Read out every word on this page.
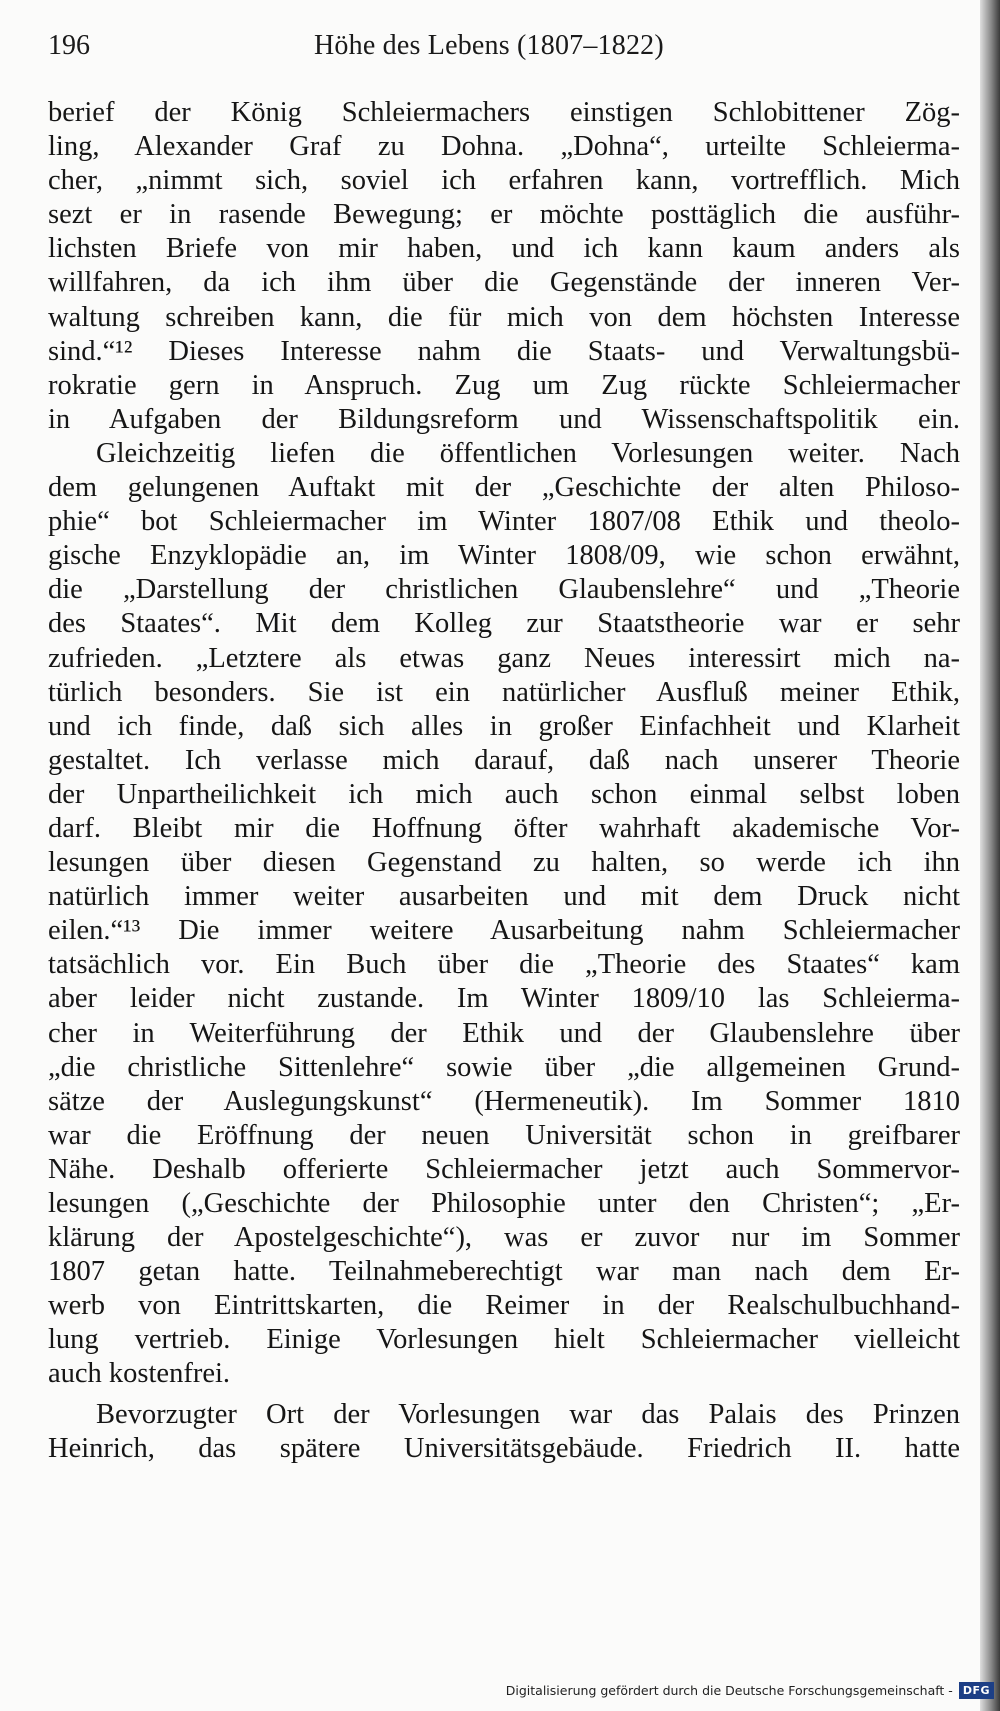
196	Höhe des Lebens (1807–1822)
berief der König Schleiermachers einstigen Schlobittener Zög-
ling, Alexander Graf zu Dohna. „Dohna“, urteilte Schleierma-
cher, „nimmt sich, soviel ich erfahren kann, vortrefflich. Mich
sezt er in rasende Bewegung; er möchte posttäglich die ausführ-
lichsten Briefe von mir haben, und ich kann kaum anders als
willfahren, da ich ihm über die Gegenstände der inneren Ver-
waltung schreiben kann, die für mich von dem höchsten Interesse
sind.“¹² Dieses Interesse nahm die Staats- und Verwaltungsbü-
rokratie gern in Anspruch. Zug um Zug rückte Schleiermacher
in Aufgaben der Bildungsreform und Wissenschaftspolitik ein.
Gleichzeitig liefen die öffentlichen Vorlesungen weiter. Nach
dem gelungenen Auftakt mit der „Geschichte der alten Philoso-
phie“ bot Schleiermacher im Winter 1807/08 Ethik und theolo-
gische Enzyklopädie an, im Winter 1808/09, wie schon erwähnt,
die „Darstellung der christlichen Glaubenslehre“ und „Theorie
des Staates“. Mit dem Kolleg zur Staatstheorie war er sehr
zufrieden. „Letztere als etwas ganz Neues interessirt mich na-
türlich besonders. Sie ist ein natürlicher Ausfluß meiner Ethik,
und ich finde, daß sich alles in großer Einfachheit und Klarheit
gestaltet. Ich verlasse mich darauf, daß nach unserer Theorie
der Unpartheilichkeit ich mich auch schon einmal selbst loben
darf. Bleibt mir die Hoffnung öfter wahrhaft akademische Vor-
lesungen über diesen Gegenstand zu halten, so werde ich ihn
natürlich immer weiter ausarbeiten und mit dem Druck nicht
eilen.“¹³ Die immer weitere Ausarbeitung nahm Schleiermacher
tatsächlich vor. Ein Buch über die „Theorie des Staates“ kam
aber leider nicht zustande. Im Winter 1809/10 las Schleierma-
cher in Weiterführung der Ethik und der Glaubenslehre über
„die christliche Sittenlehre“ sowie über „die allgemeinen Grund-
sätze der Auslegungskunst“ (Hermeneutik). Im Sommer 1810
war die Eröffnung der neuen Universität schon in greifbarer
Nähe. Deshalb offerierte Schleiermacher jetzt auch Sommervor-
lesungen („Geschichte der Philosophie unter den Christen“; „Er-
klärung der Apostelgeschichte“), was er zuvor nur im Sommer
1807 getan hatte. Teilnahmeberechtigt war man nach dem Er-
werb von Eintrittskarten, die Reimer in der Realschulbuchhand-
lung vertrieb. Einige Vorlesungen hielt Schleiermacher vielleicht
auch kostenfrei.
Bevorzugter Ort der Vorlesungen war das Palais des Prinzen
Heinrich, das spätere Universitätsgebäude. Friedrich II. hatte
Digitalisierung gefördert durch die Deutsche Forschungsgemeinschaft - DFG
